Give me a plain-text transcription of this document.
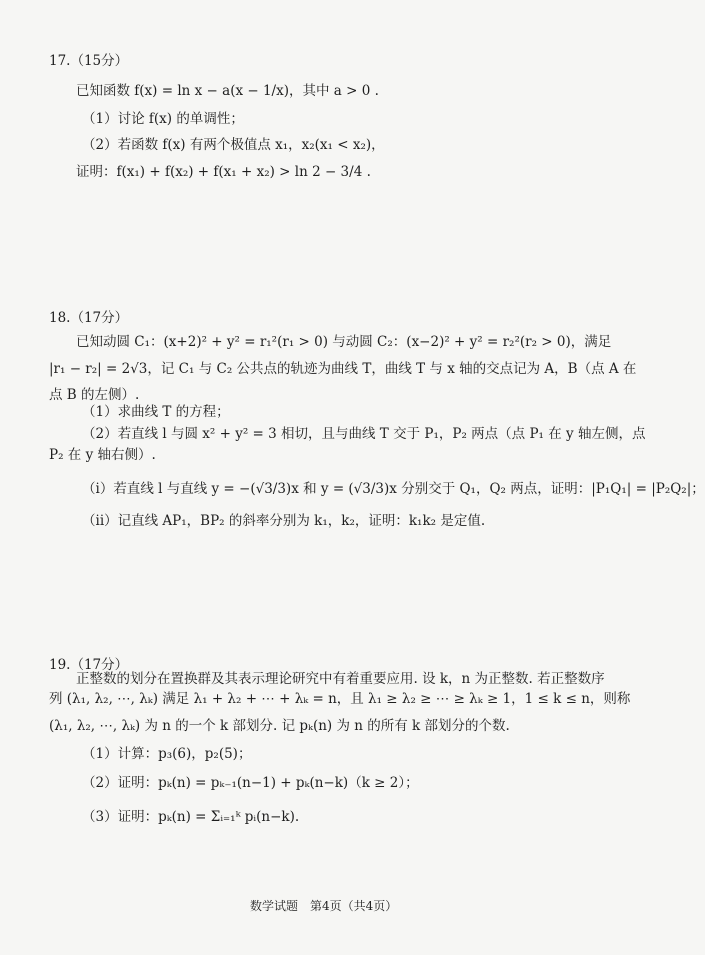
17.（15分）
已知函数 f(x) = ln x − a(x − 1/x)，其中 a > 0 .
（1）讨论 f(x) 的单调性；
（2）若函数 f(x) 有两个极值点 x₁，x₂(x₁ < x₂)，
证明：f(x₁) + f(x₂) + f(x₁ + x₂) > ln 2 − 3/4 .
18.（17分）
已知动圆 C₁：(x+2)² + y² = r₁²(r₁ > 0) 与动圆 C₂：(x−2)² + y² = r₂²(r₂ > 0)，满足
|r₁ − r₂| = 2√3，记 C₁ 与 C₂ 公共点的轨迹为曲线 T，曲线 T 与 x 轴的交点记为 A，B（点 A 在
点 B 的左侧）.
（1）求曲线 T 的方程；
（2）若直线 l 与圆 x² + y² = 3 相切，且与曲线 T 交于 P₁，P₂ 两点（点 P₁ 在 y 轴左侧，点
P₂ 在 y 轴右侧）.
（i）若直线 l 与直线 y = −(√3/3)x 和 y = (√3/3)x 分别交于 Q₁，Q₂ 两点，证明：|P₁Q₁| = |P₂Q₂|；
（ii）记直线 AP₁，BP₂ 的斜率分别为 k₁，k₂，证明：k₁k₂ 是定值.
19.（17分）
正整数的划分在置换群及其表示理论研究中有着重要应用. 设 k，n 为正整数. 若正整数序
列 (λ₁, λ₂, ⋯, λₖ) 满足 λ₁ + λ₂ + ⋯ + λₖ = n，且 λ₁ ≥ λ₂ ≥ ⋯ ≥ λₖ ≥ 1，1 ≤ k ≤ n，则称
(λ₁, λ₂, ⋯, λₖ) 为 n 的一个 k 部划分. 记 pₖ(n) 为 n 的所有 k 部划分的个数.
（1）计算：p₃(6)，p₂(5)；
（2）证明：pₖ(n) = pₖ₋₁(n−1) + pₖ(n−k)（k ≥ 2）；
（3）证明：pₖ(n) = Σᵢ₌₁ᵏ pᵢ(n−k).
数学试题　第4页（共4页）
